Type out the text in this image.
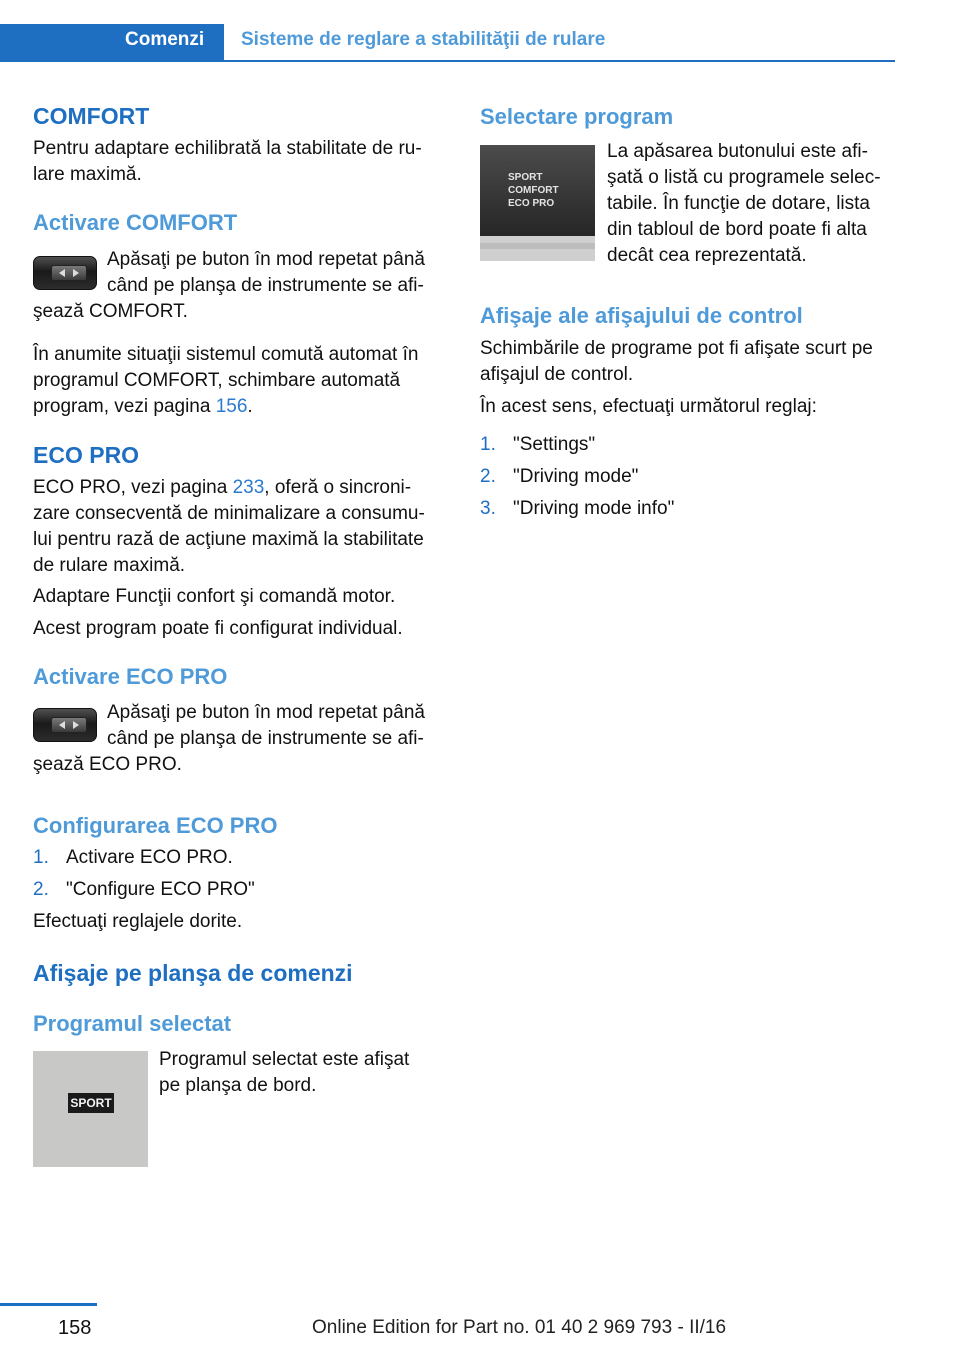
Comenzi Sisteme de reglare a stabilităţii de rulare
COMFORT
Pentru adaptare echilibrată la stabilitate de ru‐
lare maximă.
Activare COMFORT
Apăsaţi pe buton în mod repetat până
când pe planşa de instrumente se afi‐
şează COMFORT.
În anumite situaţii sistemul comută automat în
programul COMFORT, schimbare automată
program, vezi pagina 156.
ECO PRO
ECO PRO, vezi pagina 233, oferă o sincroni‐
zare consecventă de minimalizare a consumu‐
lui pentru rază de acţiune maximă la stabilitate
de rulare maximă.
Adaptare Funcţii confort şi comandă motor.
Acest program poate fi configurat individual.
Activare ECO PRO
Apăsaţi pe buton în mod repetat până
când pe planşa de instrumente se afi‐
şează ECO PRO.
Configurarea ECO PRO
1. Activare ECO PRO.
2. "Configure ECO PRO"
Efectuaţi reglajele dorite.
Afişaje pe planşa de comenzi
Programul selectat
SPORT
Programul selectat este afişat
pe planşa de bord.
Selectare program
SPORT
COMFORT
ECO PRO
La apăsarea butonului este afi‐
şată o listă cu programele selec‐
tabile. În funcţie de dotare, lista
din tabloul de bord poate fi alta
decât cea reprezentată.
Afişaje ale afişajului de control
Schimbările de programe pot fi afişate scurt pe
afişajul de control.
În acest sens, efectuaţi următorul reglaj:
1. "Settings"
2. "Driving mode"
3. "Driving mode info"
158	Online Edition for Part no. 01 40 2 969 793 - II/16
